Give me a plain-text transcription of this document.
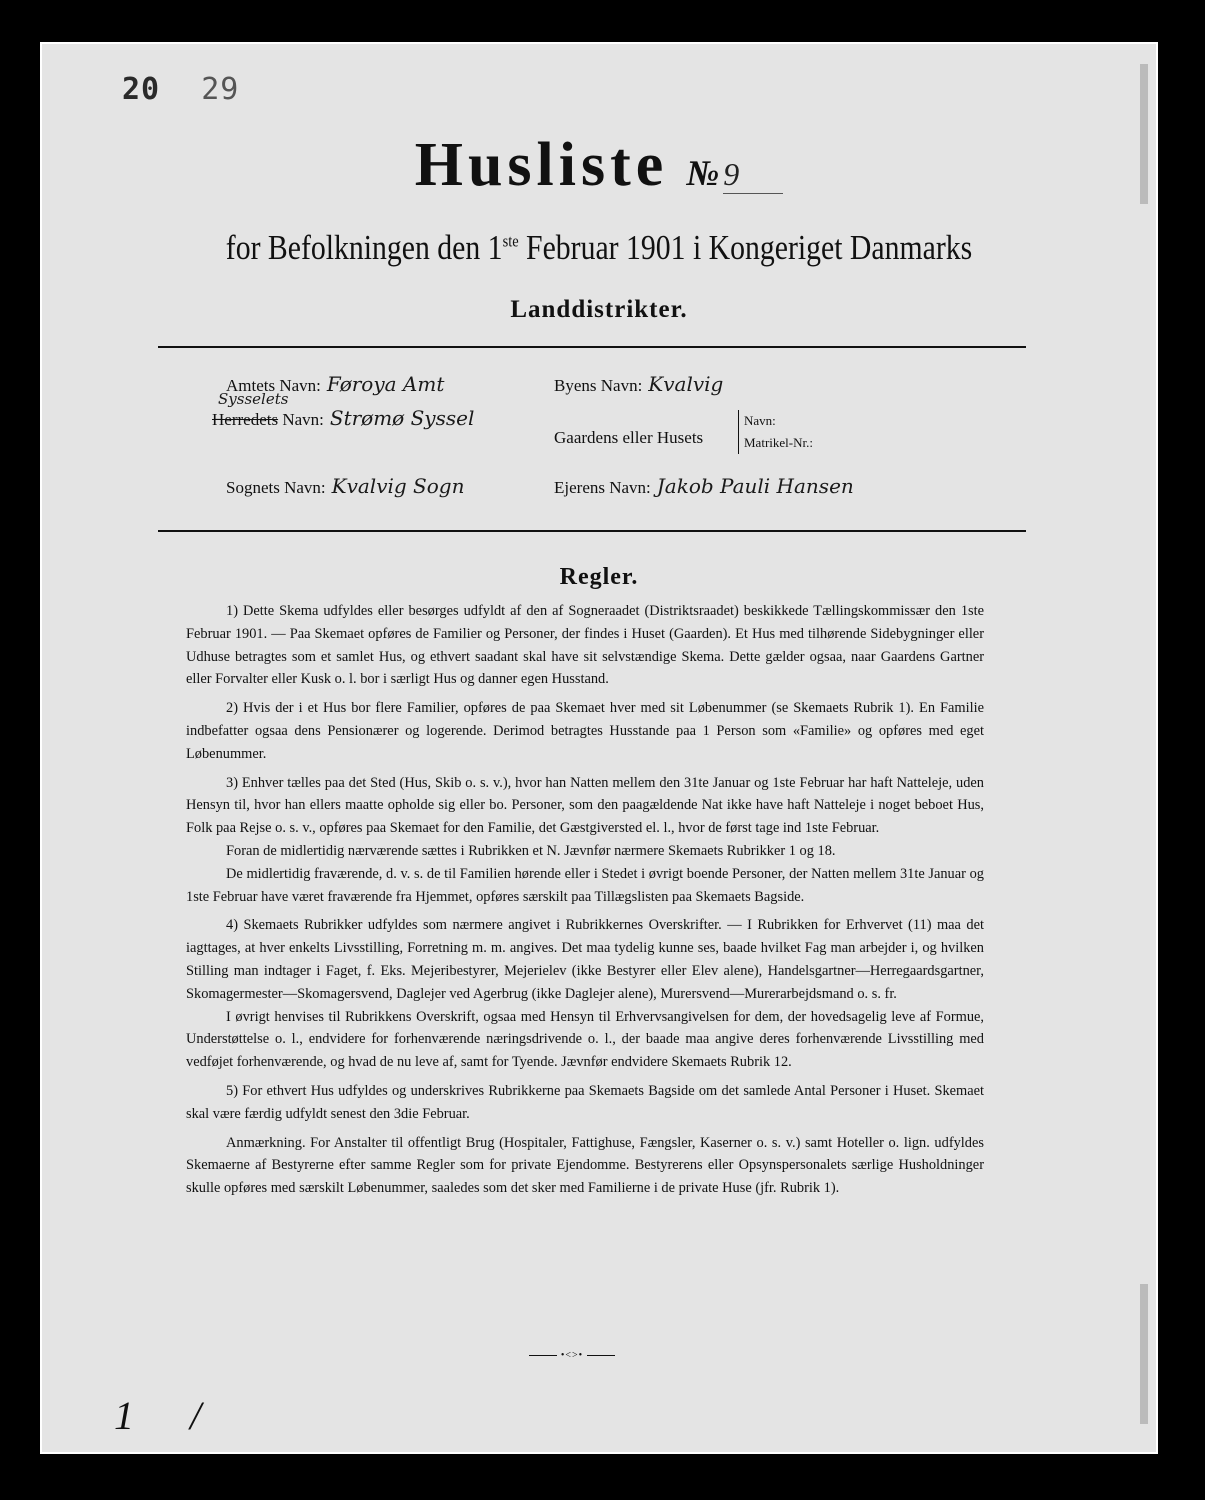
20 29
Husliste № 9
for Befolkningen den 1ste Februar 1901 i Kongeriget Danmarks
Landdistrikter.
Amtets Navn: Føroya Amt
Sysselets
Herredets Navn: Strømø Syssel
Sognets Navn: Kvalvig Sogn
Byens Navn: Kvalvig
Gaardens eller Husets
Navn:
Matrikel-Nr.:
Ejerens Navn: Jakob Pauli Hansen
Regler.

1) Dette Skema udfyldes eller besørges udfyldt af den af Sogneraadet (Distriktsraadet) beskikkede Tællingskommissær den 1ste Februar 1901. — Paa Skemaet opføres de Familier og Personer, der findes i Huset (Gaarden). Et Hus med tilhørende Sidebygninger eller Udhuse betragtes som et samlet Hus, og ethvert saadant skal have sit selvstændige Skema. Dette gælder ogsaa, naar Gaardens Gartner eller Forvalter eller Kusk o. l. bor i særligt Hus og danner egen Husstand.

2) Hvis der i et Hus bor flere Familier, opføres de paa Skemaet hver med sit Løbenummer (se Skemaets Rubrik 1). En Familie indbefatter ogsaa dens Pensionærer og logerende. Derimod betragtes Husstande paa 1 Person som «Familie» og opføres med eget Løbenummer.

3) Enhver tælles paa det Sted (Hus, Skib o. s. v.), hvor han Natten mellem den 31te Januar og 1ste Februar har haft Natteleje, uden Hensyn til, hvor han ellers maatte opholde sig eller bo. Personer, som den paagældende Nat ikke have haft Natteleje i noget beboet Hus, Folk paa Rejse o. s. v., opføres paa Skemaet for den Familie, det Gæstgiversted el. l., hvor de først tage ind 1ste Februar.

Foran de midlertidig nærværende sættes i Rubrikken et N. Jævnfør nærmere Skemaets Rubrikker 1 og 18.

De midlertidig fraværende, d. v. s. de til Familien hørende eller i Stedet i øvrigt boende Personer, der Natten mellem 31te Januar og 1ste Februar have været fraværende fra Hjemmet, opføres særskilt paa Tillægslisten paa Skemaets Bagside.

4) Skemaets Rubrikker udfyldes som nærmere angivet i Rubrikkernes Overskrifter. — I Rubrikken for Erhvervet (11) maa det iagttages, at hver enkelts Livsstilling, Forretning m. m. angives. Det maa tydelig kunne ses, baade hvilket Fag man arbejder i, og hvilken Stilling man indtager i Faget, f. Eks. Mejeribestyrer, Mejerielev (ikke Bestyrer eller Elev alene), Handelsgartner—Herregaardsgartner, Skomagermester—Skomagersvend, Daglejer ved Agerbrug (ikke Daglejer alene), Murersvend—Murerarbejdsmand o. s. fr.

I øvrigt henvises til Rubrikkens Overskrift, ogsaa med Hensyn til Erhvervsangivelsen for dem, der hovedsagelig leve af Formue, Understøttelse o. l., endvidere for forhenværende næringsdrivende o. l., der baade maa angive deres forhenværende Livsstilling med vedføjet forhenværende, og hvad de nu leve af, samt for Tyende. Jævnfør endvidere Skemaets Rubrik 12.

5) For ethvert Hus udfyldes og underskrives Rubrikkerne paa Skemaets Bagside om det samlede Antal Personer i Huset. Skemaet skal være færdig udfyldt senest den 3die Februar.

Anmærkning. For Anstalter til offentligt Brug (Hospitaler, Fattighuse, Fængsler, Kaserner o. s. v.) samt Hoteller o. lign. udfyldes Skemaerne af Bestyrerne efter samme Regler som for private Ejendomme. Bestyrerens eller Opsynspersonalets særlige Husholdninger skulle opføres med særskilt Løbenummer, saaledes som det sker med Familierne i de private Huse (jfr. Rubrik 1).

•<>•
1 /
